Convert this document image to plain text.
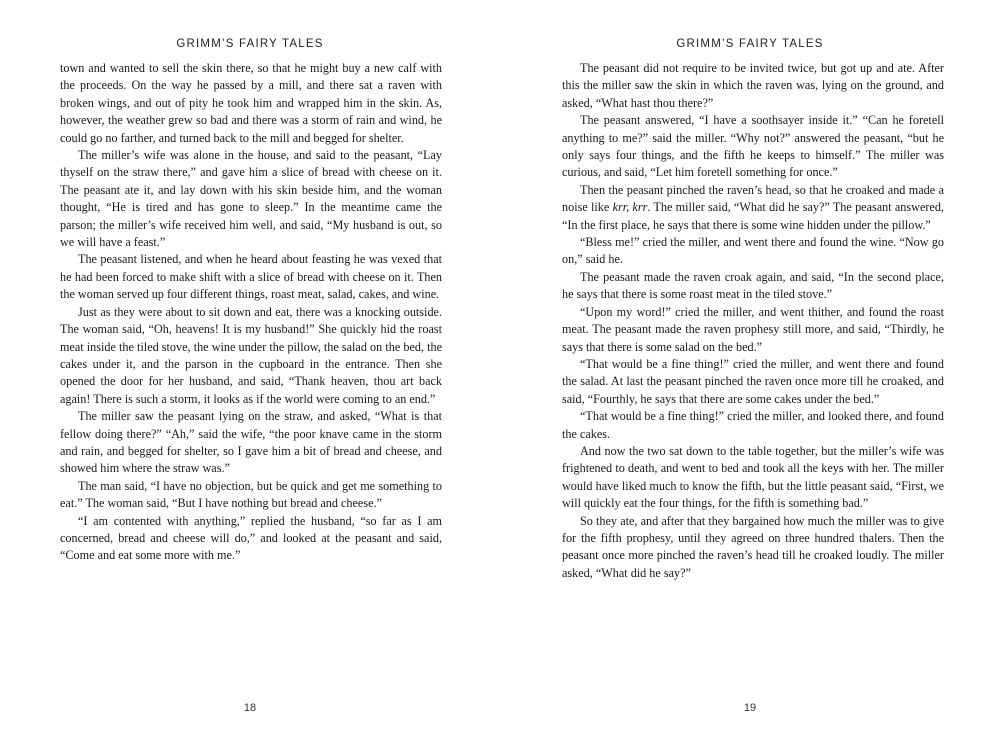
GRIMM’S FAIRY TALES

town and wanted to sell the skin there, so that he might buy a new calf with the proceeds. On the way he passed by a mill, and there sat a raven with broken wings, and out of pity he took him and wrapped him in the skin. As, however, the weather grew so bad and there was a storm of rain and wind, he could go no farther, and turned back to the mill and begged for shelter.

The miller’s wife was alone in the house, and said to the peasant, “Lay thyself on the straw there,” and gave him a slice of bread with cheese on it. The peasant ate it, and lay down with his skin beside him, and the woman thought, “He is tired and has gone to sleep.” In the meantime came the parson; the miller’s wife received him well, and said, “My husband is out, so we will have a feast.”

The peasant listened, and when he heard about feasting he was vexed that he had been forced to make shift with a slice of bread with cheese on it. Then the woman served up four different things, roast meat, salad, cakes, and wine.

Just as they were about to sit down and eat, there was a knocking outside. The woman said, “Oh, heavens! It is my husband!” She quickly hid the roast meat inside the tiled stove, the wine under the pillow, the salad on the bed, the cakes under it, and the parson in the cupboard in the entrance. Then she opened the door for her husband, and said, “Thank heaven, thou art back again! There is such a storm, it looks as if the world were coming to an end.”

The miller saw the peasant lying on the straw, and asked, “What is that fellow doing there?” “Ah,” said the wife, “the poor knave came in the storm and rain, and begged for shelter, so I gave him a bit of bread and cheese, and showed him where the straw was.”

The man said, “I have no objection, but be quick and get me something to eat.” The woman said, “But I have nothing but bread and cheese.”

“I am contented with anything,” replied the husband, “so far as I am concerned, bread and cheese will do,” and looked at the peasant and said, “Come and eat some more with me.”

18
GRIMM’S FAIRY TALES

The peasant did not require to be invited twice, but got up and ate. After this the miller saw the skin in which the raven was, lying on the ground, and asked, “What hast thou there?”

The peasant answered, “I have a soothsayer inside it.” “Can he foretell anything to me?” said the miller. “Why not?” answered the peasant, “but he only says four things, and the fifth he keeps to himself.” The miller was curious, and said, “Let him foretell something for once.”

Then the peasant pinched the raven’s head, so that he croaked and made a noise like krr, krr. The miller said, “What did he say?” The peasant answered, “In the first place, he says that there is some wine hidden under the pillow.”

“Bless me!” cried the miller, and went there and found the wine. “Now go on,” said he.

The peasant made the raven croak again, and said, “In the second place, he says that there is some roast meat in the tiled stove.”

“Upon my word!” cried the miller, and went thither, and found the roast meat. The peasant made the raven prophesy still more, and said, “Thirdly, he says that there is some salad on the bed.”

“That would be a fine thing!” cried the miller, and went there and found the salad. At last the peasant pinched the raven once more till he croaked, and said, “Fourthly, he says that there are some cakes under the bed.”

“That would be a fine thing!” cried the miller, and looked there, and found the cakes.

And now the two sat down to the table together, but the miller’s wife was frightened to death, and went to bed and took all the keys with her. The miller would have liked much to know the fifth, but the little peasant said, “First, we will quickly eat the four things, for the fifth is something bad.”

So they ate, and after that they bargained how much the miller was to give for the fifth prophesy, until they agreed on three hundred thalers. Then the peasant once more pinched the raven’s head till he croaked loudly. The miller asked, “What did he say?”

19
